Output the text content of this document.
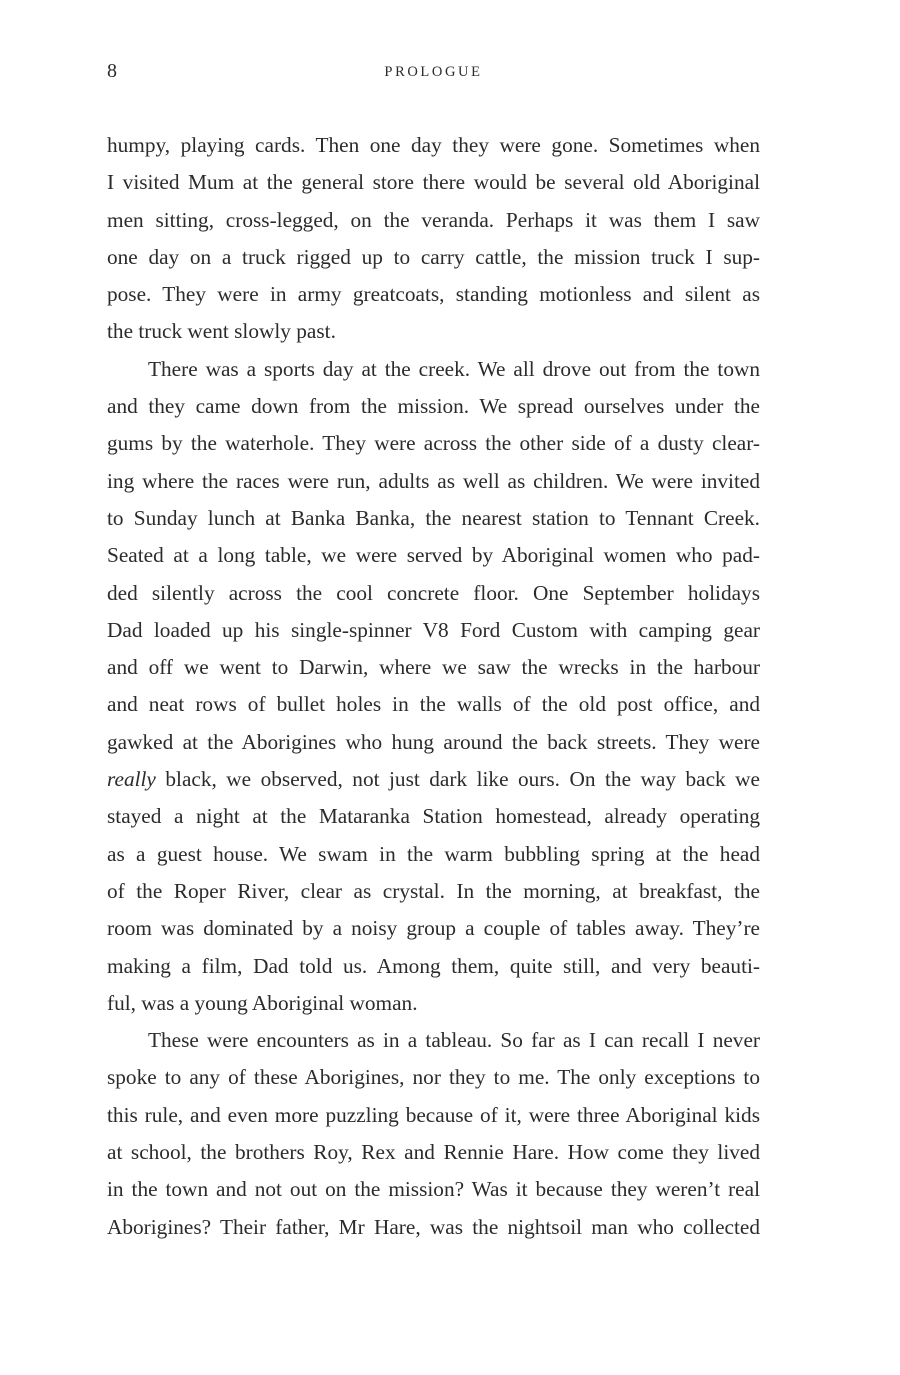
8	PROLOGUE
humpy, playing cards. Then one day they were gone. Sometimes when
I visited Mum at the general store there would be several old Aboriginal
men sitting, cross-legged, on the veranda. Perhaps it was them I saw
one day on a truck rigged up to carry cattle, the mission truck I sup-
pose. They were in army greatcoats, standing motionless and silent as
the truck went slowly past.
There was a sports day at the creek. We all drove out from the town
and they came down from the mission. We spread ourselves under the
gums by the waterhole. They were across the other side of a dusty clear-
ing where the races were run, adults as well as children. We were invited
to Sunday lunch at Banka Banka, the nearest station to Tennant Creek.
Seated at a long table, we were served by Aboriginal women who pad-
ded silently across the cool concrete floor. One September holidays
Dad loaded up his single-spinner V8 Ford Custom with camping gear
and off we went to Darwin, where we saw the wrecks in the harbour
and neat rows of bullet holes in the walls of the old post office, and
gawked at the Aborigines who hung around the back streets. They were
really black, we observed, not just dark like ours. On the way back we
stayed a night at the Mataranka Station homestead, already operating
as a guest house. We swam in the warm bubbling spring at the head
of the Roper River, clear as crystal. In the morning, at breakfast, the
room was dominated by a noisy group a couple of tables away. They’re
making a film, Dad told us. Among them, quite still, and very beauti-
ful, was a young Aboriginal woman.
These were encounters as in a tableau. So far as I can recall I never
spoke to any of these Aborigines, nor they to me. The only exceptions to
this rule, and even more puzzling because of it, were three Aboriginal kids
at school, the brothers Roy, Rex and Rennie Hare. How come they lived
in the town and not out on the mission? Was it because they weren’t real
Aborigines? Their father, Mr Hare, was the nightsoil man who collected
